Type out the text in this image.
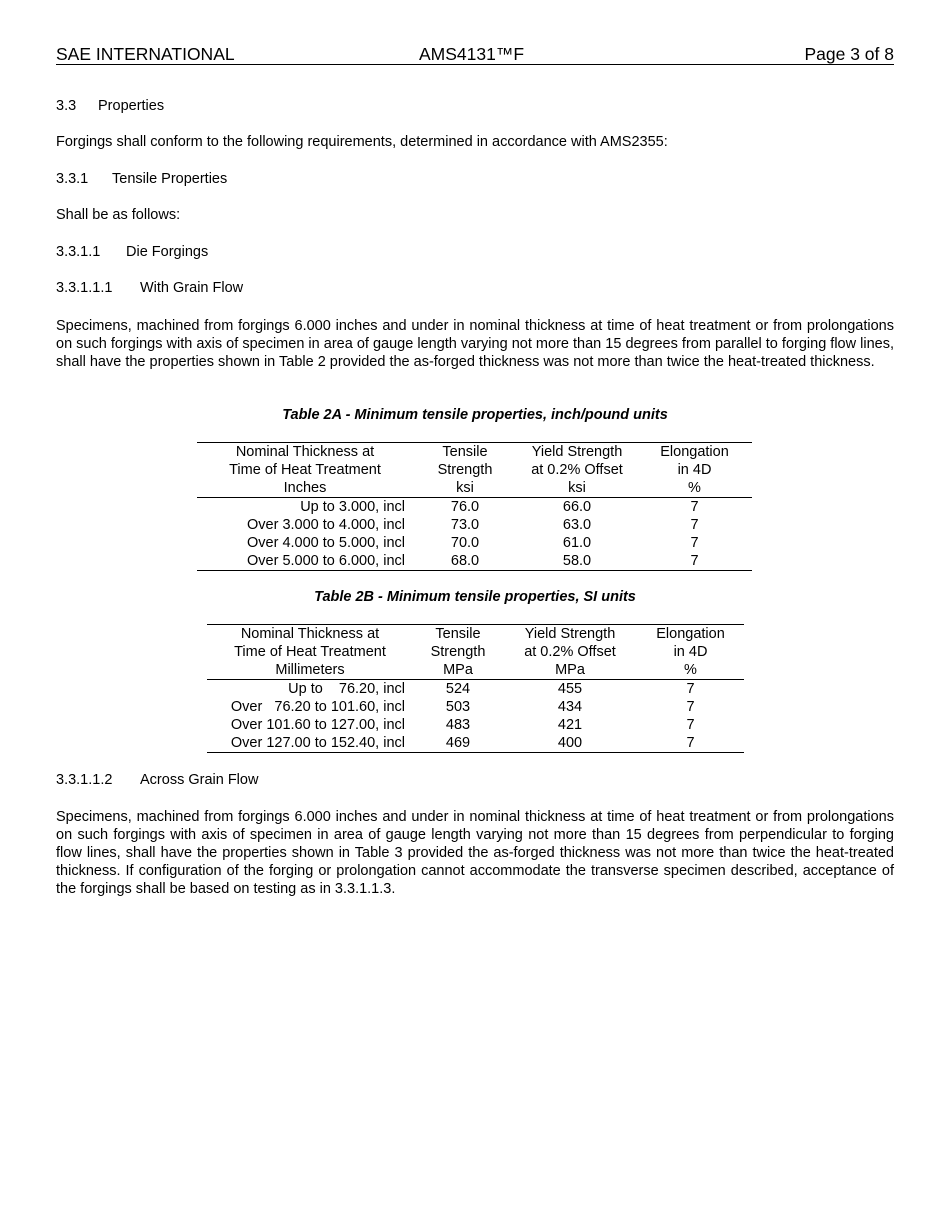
SAE INTERNATIONAL	AMS4131™F	Page 3 of 8
3.3 Properties
Forgings shall conform to the following requirements, determined in accordance with AMS2355:
3.3.1 Tensile Properties
Shall be as follows:
3.3.1.1 Die Forgings
3.3.1.1.1 With Grain Flow
Specimens, machined from forgings 6.000 inches and under in nominal thickness at time of heat treatment or from prolongations on such forgings with axis of specimen in area of gauge length varying not more than 15 degrees from parallel to forging flow lines, shall have the properties shown in Table 2 provided the as-forged thickness was not more than twice the heat-treated thickness.
Table 2A - Minimum tensile properties, inch/pound units
Nominal Thickness at	Tensile	Yield Strength	Elongation
Time of Heat Treatment	Strength	at 0.2% Offset	in 4D
Inches	ksi	ksi	%
Up to 3.000, incl	76.0	66.0	7
Over 3.000 to 4.000, incl	73.0	63.0	7
Over 4.000 to 5.000, incl	70.0	61.0	7
Over 5.000 to 6.000, incl	68.0	58.0	7
Table 2B - Minimum tensile properties, SI units
Nominal Thickness at	Tensile	Yield Strength	Elongation
Time of Heat Treatment	Strength	at 0.2% Offset	in 4D
Millimeters	MPa	MPa	%
Up to    76.20, incl	524	455	7
Over   76.20 to 101.60, incl	503	434	7
Over 101.60 to 127.00, incl	483	421	7
Over 127.00 to 152.40, incl	469	400	7
3.3.1.1.2 Across Grain Flow
Specimens, machined from forgings 6.000 inches and under in nominal thickness at time of heat treatment or from prolongations on such forgings with axis of specimen in area of gauge length varying not more than 15 degrees from perpendicular to forging flow lines, shall have the properties shown in Table 3 provided the as-forged thickness was not more than twice the heat-treated thickness. If configuration of the forging or prolongation cannot accommodate the transverse specimen described, acceptance of the forgings shall be based on testing as in 3.3.1.1.3.
